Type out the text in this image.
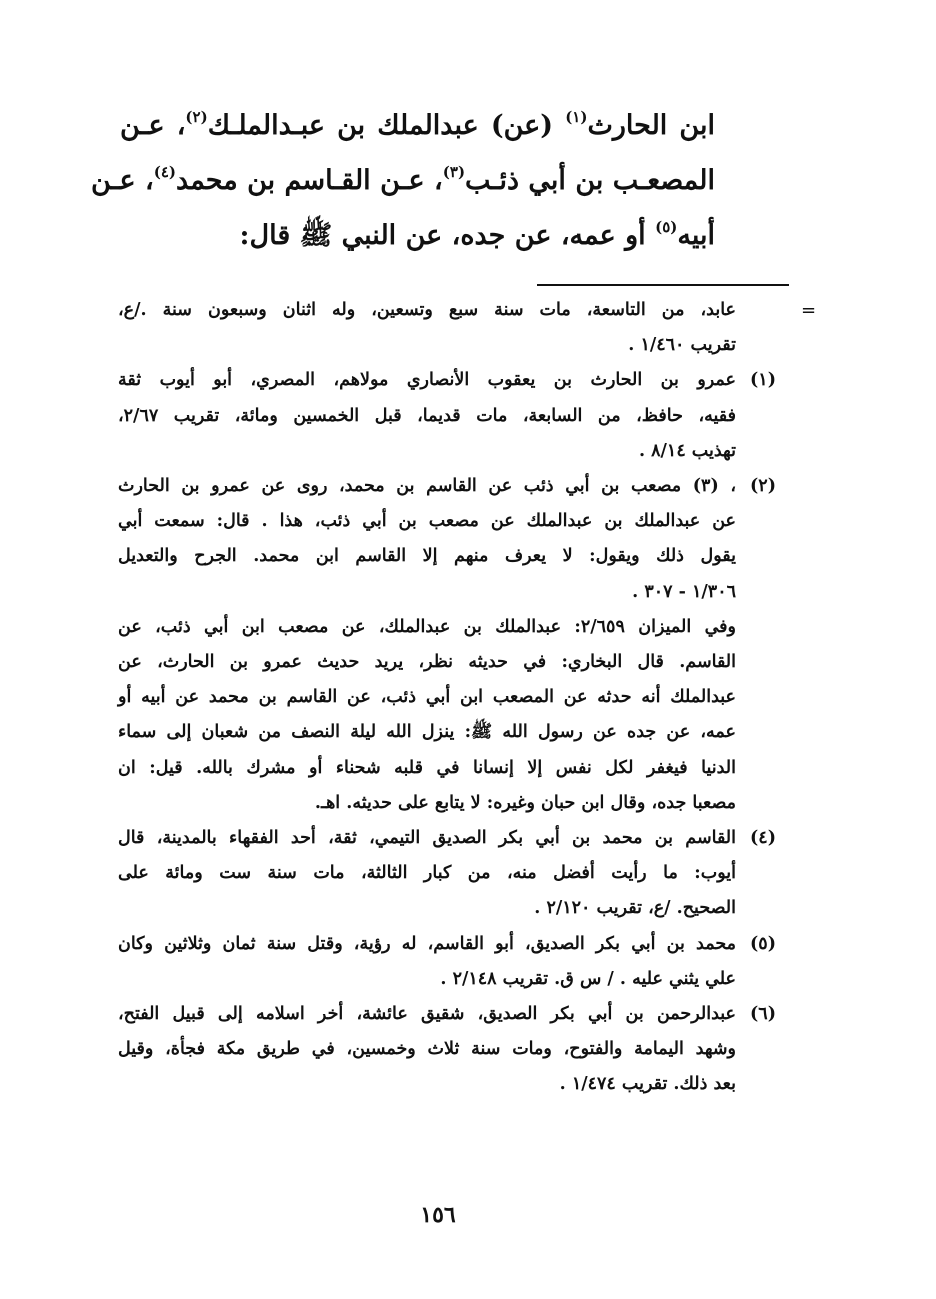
ابن الحارث$^{(١)}$ (عن) عبدالملك بن عبـدالملـك$^{(٢)}$، عـن
المصعـب بن أبي ذئـب$^{(٣)}$، عـن القـاسم بن محمد$^{(٤)}$، عـن
أبيه$^{(٥)}$ أو عمه، عن جده، عن النبي ﷺ قال:
=
عابد، من التاسعة، مات سنة سبع وتسعين، وله اثنان وسبعون سنة ./ع،
تقريب ١/٤٦٠ .
(١)
عمرو بن الحارث بن يعقوب الأنصاري مولاهم، المصري، أبو أيوب ثقة
فقيه، حافظ، من السابعة، مات قديما، قبل الخمسين ومائة، تقريب ٢/٦٧،
تهذيب ٨/١٤ .
(٢)
، (٣) مصعب بن أبي ذئب عن القاسم بن محمد، روى عن عمرو بن الحارث
عن عبدالملك بن عبدالملك عن مصعب بن أبي ذئب، هذا . قال: سمعت أبي
يقول ذلك ويقول: لا يعرف منهم إلا القاسم ابن محمد. الجرح والتعديل
١/٣٠٦ - ٣٠٧ .
وفي الميزان ٢/٦٥٩: عبدالملك بن عبدالملك، عن مصعب ابن أبي ذئب، عن
القاسم. قال البخاري: في حديثه نظر، يريد حديث عمرو بن الحارث، عن
عبدالملك أنه حدثه عن المصعب ابن أبي ذئب، عن القاسم بن محمد عن أبيه أو
عمه، عن جده عن رسول الله ﷺ: ينزل الله ليلة النصف من شعبان إلى سماء
الدنيا فيغفر لكل نفس إلا إنسانا في قلبه شحناء أو مشرك بالله. قيل: ان
مصعبا جده، وقال ابن حبان وغيره: لا يتابع على حديثه. اهـ.
(٤)
القاسم بن محمد بن أبي بكر الصديق التيمي، ثقة، أحد الفقهاء بالمدينة، قال
أيوب: ما رأيت أفضل منه، من كبار الثالثة، مات سنة ست ومائة على
الصحيح. /ع، تقريب ٢/١٢٠ .
(٥)
محمد بن أبي بكر الصديق، أبو القاسم، له رؤية، وقتل سنة ثمان وثلاثين وكان
علي يثني عليه . / س ق. تقريب ٢/١٤٨ .
(٦)
عبدالرحمن بن أبي بكر الصديق، شقيق عائشة، أخر اسلامه إلى قبيل الفتح،
وشهد اليمامة والفتوح، ومات سنة ثلاث وخمسين، في طريق مكة فجأة، وقيل
بعد ذلك. تقريب ١/٤٧٤ .
١٥٦
